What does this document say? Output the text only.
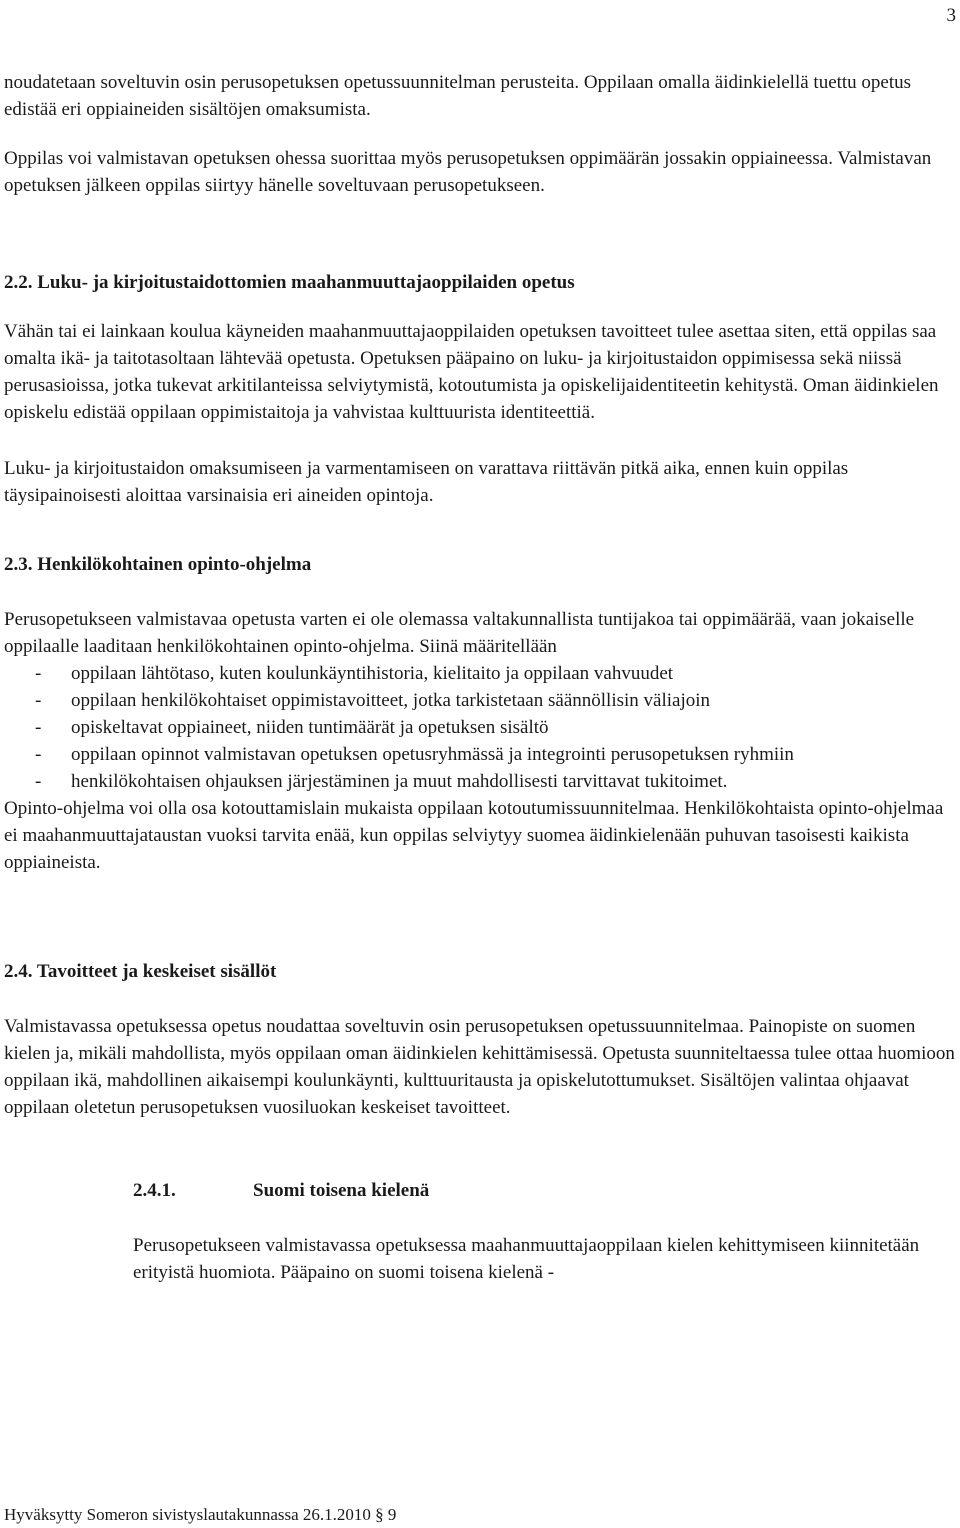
3

noudatetaan soveltuvin osin perusopetuksen opetussuunnitelman perusteita. Oppilaan omalla äidinkielellä tuettu opetus edistää eri oppiaineiden sisältöjen omaksumista.

Oppilas voi valmistavan opetuksen ohessa suorittaa myös perusopetuksen oppimäärän jossakin oppiaineessa. Valmistavan opetuksen jälkeen oppilas siirtyy hänelle soveltuvaan perusopetukseen.

2.2. Luku- ja kirjoitustaidottomien maahanmuuttajaoppilaiden opetus

Vähän tai ei lainkaan koulua käyneiden maahanmuuttajaoppilaiden opetuksen tavoitteet tulee asettaa siten, että oppilas saa omalta ikä- ja taitotasoltaan lähtevää opetusta. Opetuksen pääpaino on luku- ja kirjoitustaidon oppimisessa sekä niissä perusasioissa, jotka tukevat arkitilanteissa selviytymistä, kotoutumista ja opiskelijaidentiteetin kehitystä. Oman äidinkielen opiskelu edistää oppilaan oppimistaitoja ja vahvistaa kulttuurista identiteettiä.

Luku- ja kirjoitustaidon omaksumiseen ja varmentamiseen on varattava riittävän pitkä aika, ennen kuin oppilas täysipainoisesti aloittaa varsinaisia eri aineiden opintoja.

2.3. Henkilökohtainen opinto-ohjelma

Perusopetukseen valmistavaa opetusta varten ei ole olemassa valtakunnallista tuntijakoa tai oppimäärää, vaan jokaiselle oppilaalle laaditaan henkilökohtainen opinto-ohjelma. Siinä määritellään

- oppilaan lähtötaso, kuten koulunkäyntihistoria, kielitaito ja oppilaan vahvuudet
- oppilaan henkilökohtaiset oppimistavoitteet, jotka tarkistetaan säännöllisin väliajoin
- opiskeltavat oppiaineet, niiden tuntimäärät ja opetuksen sisältö
- oppilaan opinnot valmistavan opetuksen opetusryhmässä ja integrointi perusopetuksen ryhmiin
- henkilökohtaisen ohjauksen järjestäminen ja muut mahdollisesti tarvittavat tukitoimet.

Opinto-ohjelma voi olla osa kotouttamislain mukaista oppilaan kotoutumissuunnitelmaa. Henkilökohtaista opinto-ohjelmaa ei maahanmuuttajataustan vuoksi tarvita enää, kun oppilas selviytyy suomea äidinkielenään puhuvan tasoisesti kaikista oppiaineista.

2.4. Tavoitteet ja keskeiset sisällöt

Valmistavassa opetuksessa opetus noudattaa soveltuvin osin perusopetuksen opetussuunnitelmaa. Painopiste on suomen kielen ja, mikäli mahdollista, myös oppilaan oman äidinkielen kehittämisessä. Opetusta suunniteltaessa tulee ottaa huomioon oppilaan ikä, mahdollinen aikaisempi koulunkäynti, kulttuuritausta ja opiskelutottumukset. Sisältöjen valintaa ohjaavat oppilaan oletetun perusopetuksen vuosiluokan keskeiset tavoitteet.

2.4.1.	Suomi toisena kielenä

Perusopetukseen valmistavassa opetuksessa maahanmuuttajaoppilaan kielen kehittymiseen kiinnitetään erityistä huomiota. Pääpaino on suomi toisena kielenä -

Hyväksytty Someron sivistyslautakunnassa 26.1.2010 § 9
